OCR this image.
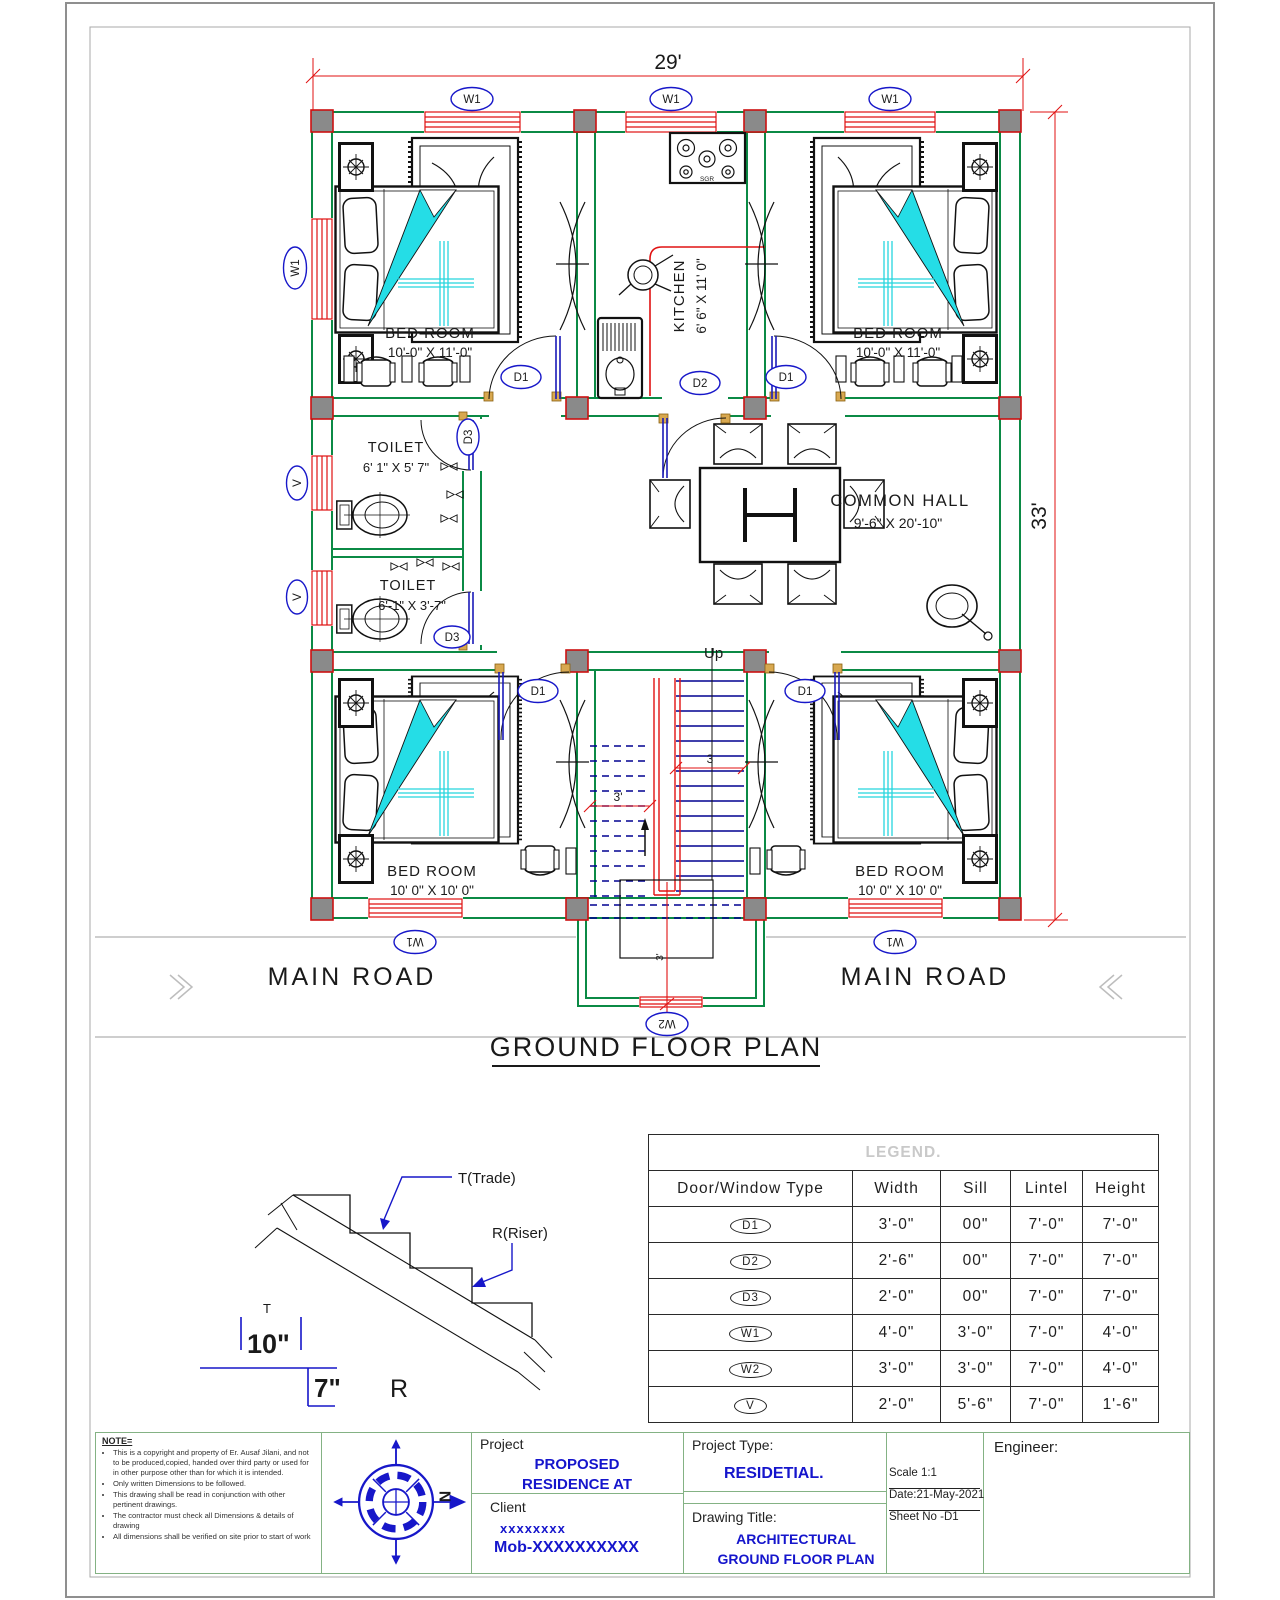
SGR
Up
3
3'
3'
29'
33'
W1	W1	W1
W1
V
V
W1	W1
W2
D1	D2	D1
D3
D3
D1	D1
BED ROOM
10'-0" X 11'-0"
BED ROOM
10'-0" X 11'-0"
KITCHEN 6' 6" X 11' 0"
TOILET
6' 1" X 5' 7"
TOILET
6'-1" X 3'-7"
COMMON HALL
9'-6" X 20'-10"
BED ROOM
10' 0" X 10' 0"
BED ROOM
10' 0" X 10' 0"
MAIN ROAD	MAIN ROAD
GROUND FLOOR PLAN
T(Trade)
R(Riser)
T
10"
7" R
LEGEND.				
Door/Window Type	Width	Sill	Lintel	Height
D1	3'-0"	00"	7'-0"	7'-0"
D2	2'-6"	00"	7'-0"	7'-0"
D3	2'-0"	00"	7'-0"	7'-0"
W1	4'-0"	3'-0"	7'-0"	4'-0"
W2	3'-0"	3'-0"	7'-0"	4'-0"
V	2'-0"	5'-6"	7'-0"	1'-6"
NOTE=
• This is a copyright and property of Er. Ausaf Jilani, and not to be produced,copied, handed over third party or used for in other purpose other than for which it is intended.
• Only written Dimensions to be followed.
• This drawing shall be read in conjunction with other pertinent drawings.
• The contractor must check all Dimensions & details of drawing
• All dimensions shall be verified on site prior to start of work
N
Project
PROPOSED RESIDENCE AT
Client
xxxxxxxx
Mob-XXXXXXXXXX
Project Type:
RESIDETIAL.
Drawing Title:
ARCHITECTURAL GROUND FLOOR PLAN
Scale 1:1
Date:21-May-2021
Sheet No -D1
Engineer:
